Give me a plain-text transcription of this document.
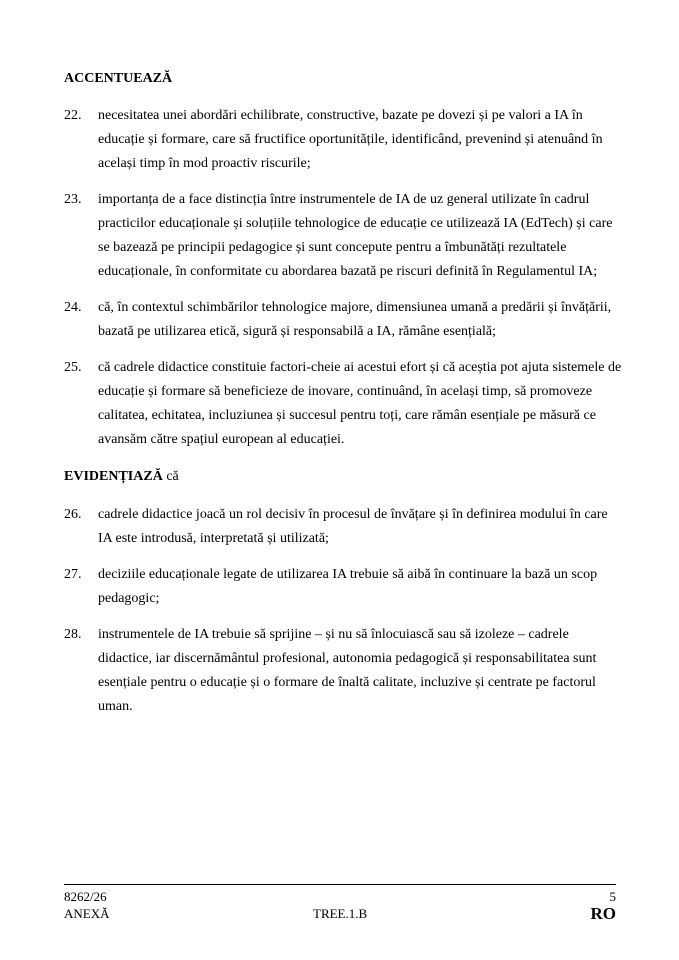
ACCENTUEAZĂ
22.	necesitatea unei abordări echilibrate, constructive, bazate pe dovezi și pe valori a IA în educație și formare, care să fructifice oportunitățile, identificând, prevenind și atenuând în același timp în mod proactiv riscurile;
23.	importanța de a face distincția între instrumentele de IA de uz general utilizate în cadrul practicilor educaționale și soluțiile tehnologice de educație ce utilizează IA (EdTech) și care se bazează pe principii pedagogice și sunt concepute pentru a îmbunătăți rezultatele educaționale, în conformitate cu abordarea bazată pe riscuri definită în Regulamentul IA;
24.	că, în contextul schimbărilor tehnologice majore, dimensiunea umană a predării și învățării, bazată pe utilizarea etică, sigură și responsabilă a IA, rămâne esențială;
25.	că cadrele didactice constituie factori-cheie ai acestui efort și că aceștia pot ajuta sistemele de educație și formare să beneficieze de inovare, continuând, în același timp, să promoveze calitatea, echitatea, incluziunea și succesul pentru toți, care rămân esențiale pe măsură ce avansăm către spațiul european al educației.
EVIDENȚIAZĂ că
26.	cadrele didactice joacă un rol decisiv în procesul de învățare și în definirea modului în care IA este introdusă, interpretată și utilizată;
27.	deciziile educaționale legate de utilizarea IA trebuie să aibă în continuare la bază un scop pedagogic;
28.	instrumentele de IA trebuie să sprijine – și nu să înlocuiască sau să izoleze – cadrele didactice, iar discernământul profesional, autonomia pedagogică și responsabilitatea sunt esențiale pentru o educație și o formare de înaltă calitate, incluzive și centrate pe factorul uman.
8262/26
ANEXĂ	TREE.1.B
5
RO
